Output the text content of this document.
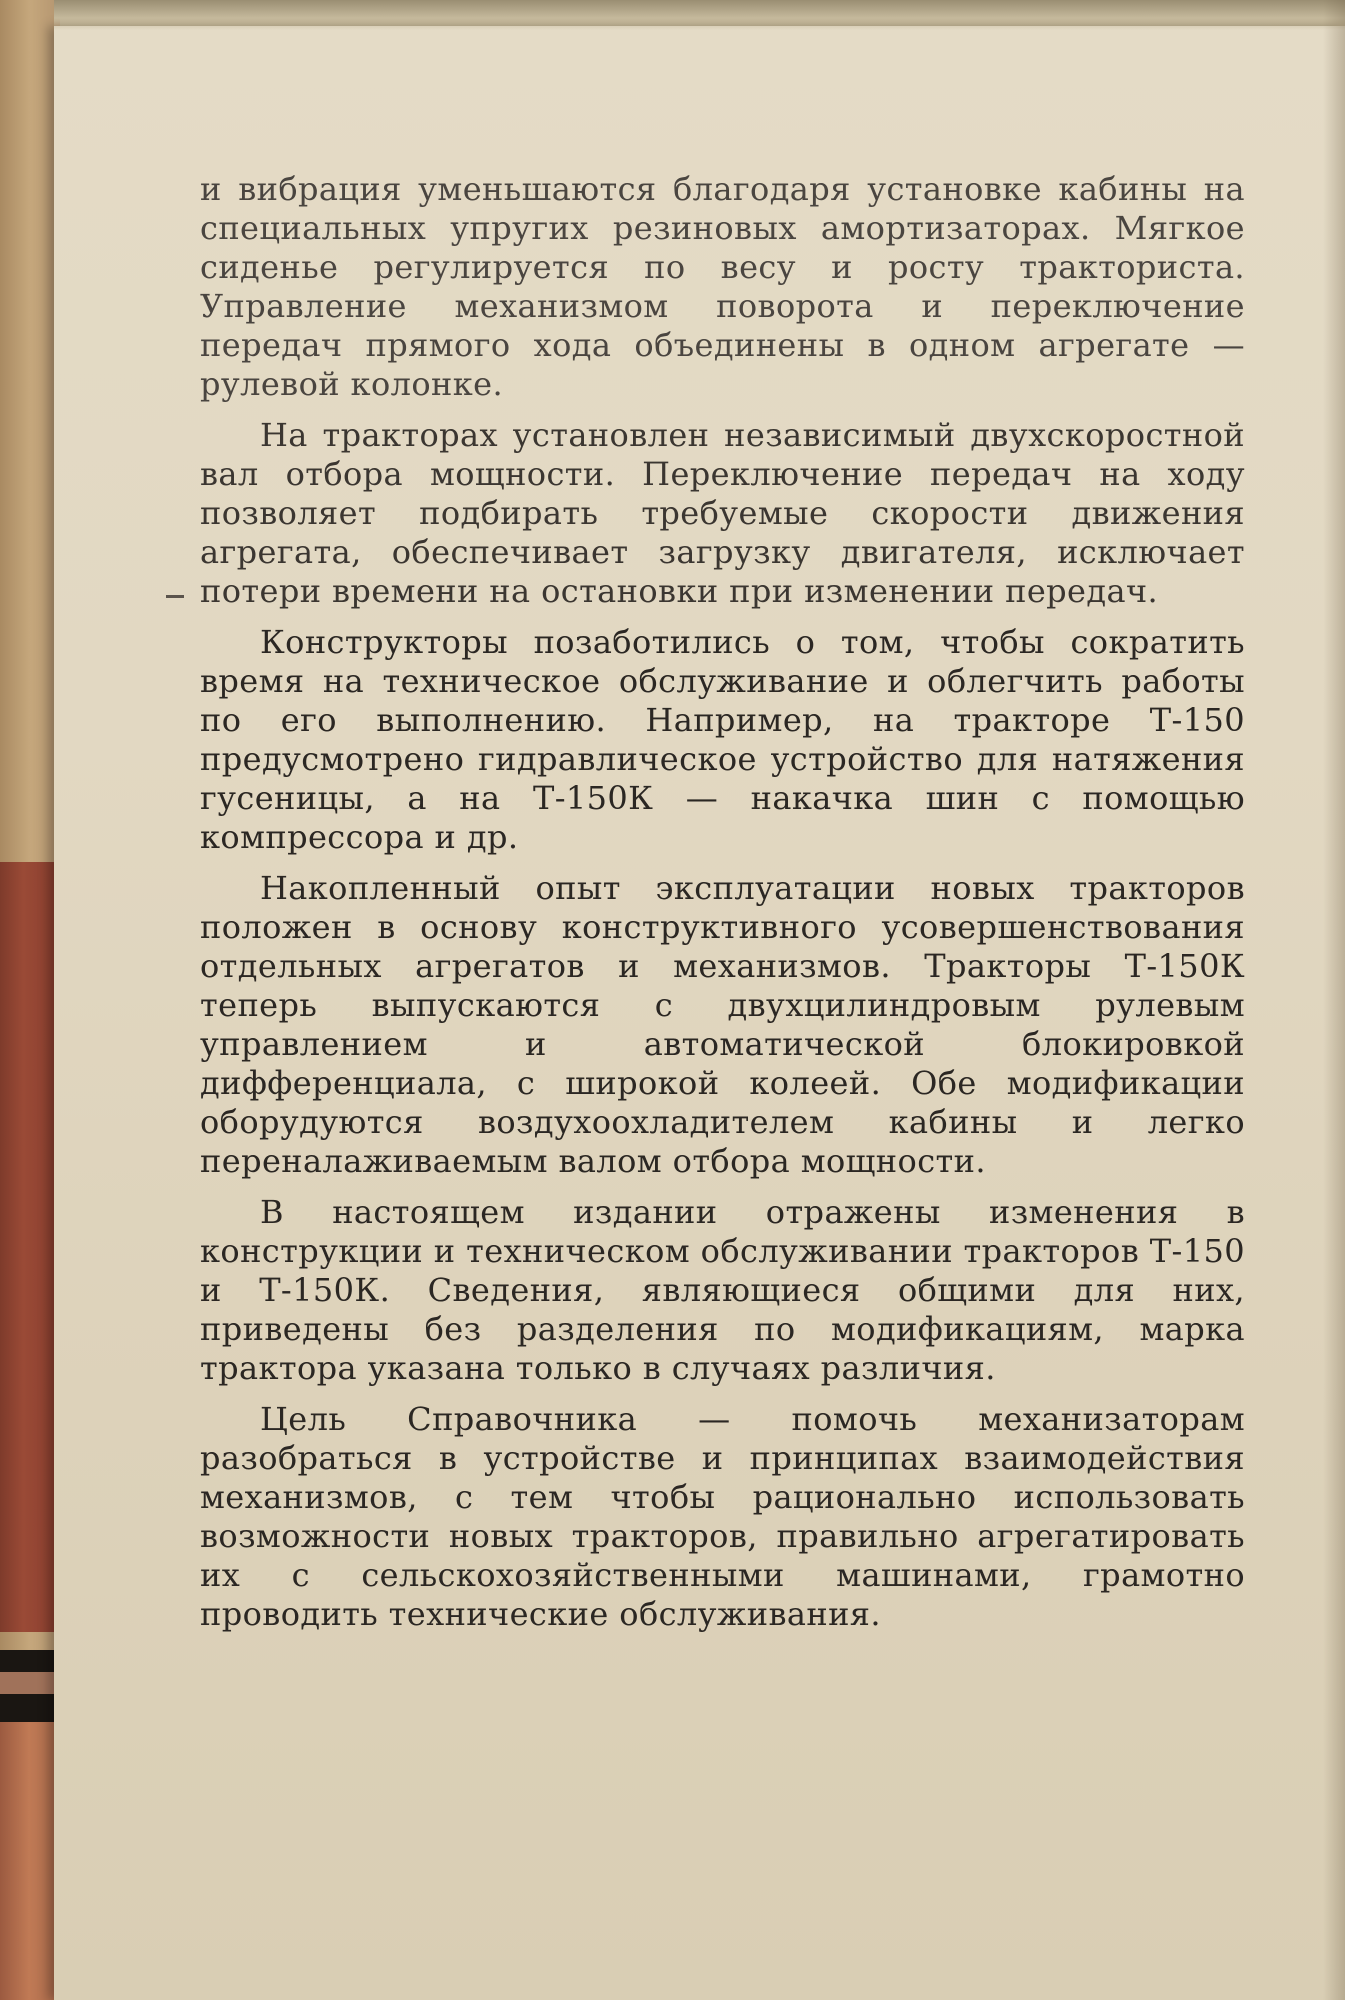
и вибрация уменьшаются благодаря установке кабины на специальных упругих резиновых амортизаторах. Мягкое сиденье регулируется по весу и росту тракториста. Управление механизмом поворота и переключение передач прямого хода объединены в одном агрегате — рулевой колонке.

На тракторах установлен независимый двухскоростной вал отбора мощности. Переключение передач на ходу позволяет подбирать требуемые скорости движения агрегата, обеспечивает загрузку двигателя, исключает потери времени на остановки при изменении передач.

Конструкторы позаботились о том, чтобы сократить время на техническое обслуживание и облегчить работы по его выполнению. Например, на тракторе Т-150 предусмотрено гидравлическое устройство для натяжения гусеницы, а на Т-150К — накачка шин с помощью компрессора и др.

Накопленный опыт эксплуатации новых тракторов положен в основу конструктивного усовершенствования отдельных агрегатов и механизмов. Тракторы Т-150К теперь выпускаются с двухцилиндровым рулевым управлением и автоматической блокировкой дифференциала, с широкой колеей. Обе модификации оборудуются воздухоохладителем кабины и легко переналаживаемым валом отбора мощности.

В настоящем издании отражены изменения в конструкции и техническом обслуживании тракторов Т-150 и Т-150К. Сведения, являющиеся общими для них, приведены без разделения по модификациям, марка трактора указана только в случаях различия.

Цель Справочника — помочь механизаторам разобраться в устройстве и принципах взаимодействия механизмов, с тем чтобы рационально использовать возможности новых тракторов, правильно агрегатировать их с сельскохозяйственными машинами, грамотно проводить технические обслуживания.
